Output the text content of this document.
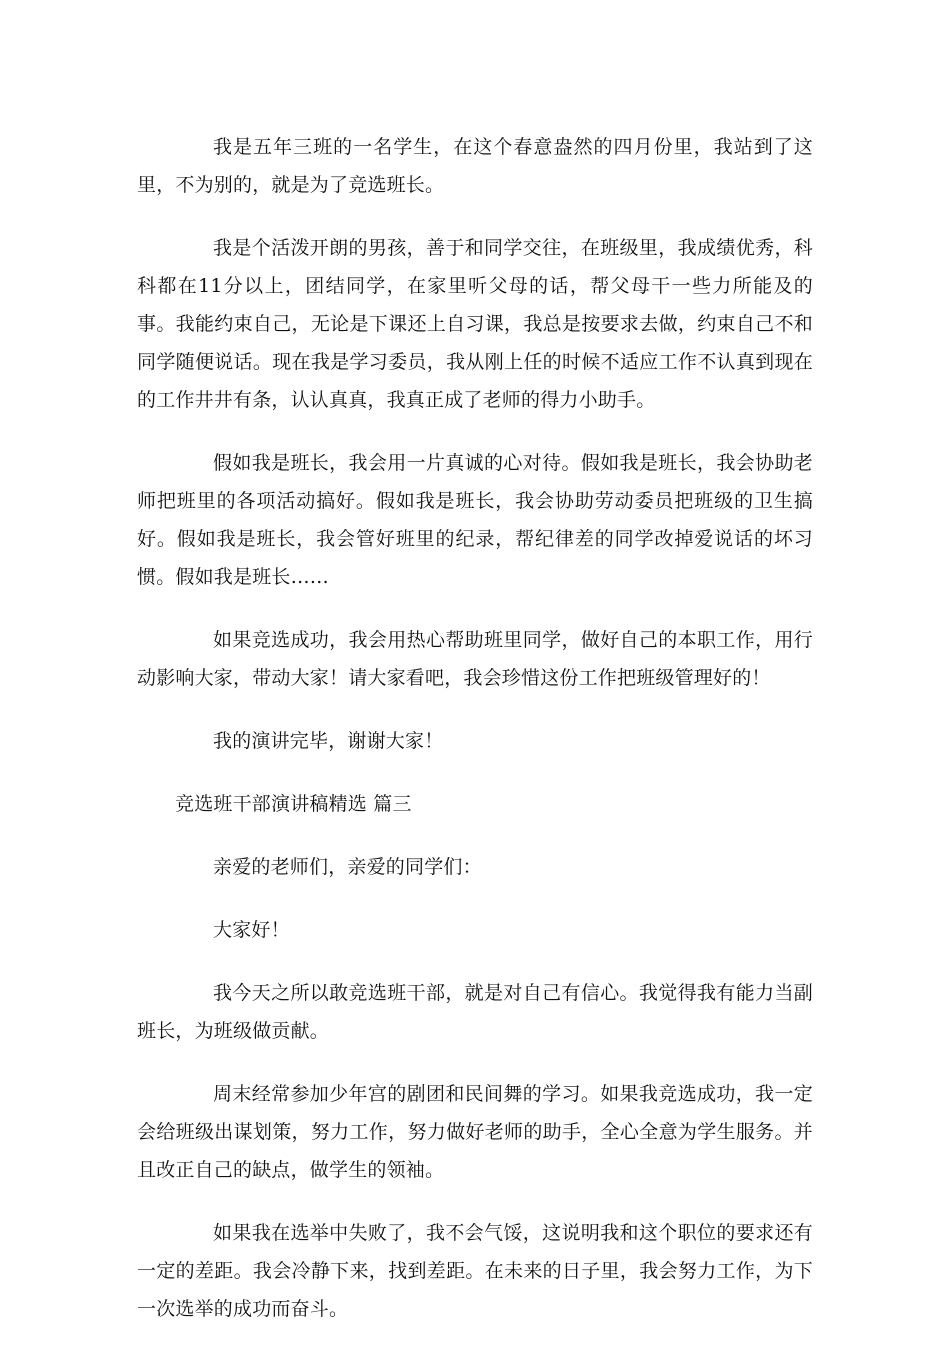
我是五年三班的一名学生，在这个春意盎然的四月份里，我站到了这里，不为别的，就是为了竞选班长。

我是个活泼开朗的男孩，善于和同学交往，在班级里，我成绩优秀，科科都在11分以上，团结同学，在家里听父母的话，帮父母干一些力所能及的事。我能约束自己，无论是下课还上自习课，我总是按要求去做，约束自己不和同学随便说话。现在我是学习委员，我从刚上任的时候不适应工作不认真到现在的工作井井有条，认认真真，我真正成了老师的得力小助手。

假如我是班长，我会用一片真诚的心对待。假如我是班长，我会协助老师把班里的各项活动搞好。假如我是班长，我会协助劳动委员把班级的卫生搞好。假如我是班长，我会管好班里的纪录，帮纪律差的同学改掉爱说话的坏习惯。假如我是班长……

如果竞选成功，我会用热心帮助班里同学，做好自己的本职工作，用行动影响大家，带动大家！请大家看吧，我会珍惜这份工作把班级管理好的！

我的演讲完毕，谢谢大家！

竞选班干部演讲稿精选 篇三

亲爱的老师们，亲爱的同学们：

大家好！

我今天之所以敢竞选班干部，就是对自己有信心。我觉得我有能力当副班长，为班级做贡献。

周末经常参加少年宫的剧团和民间舞的学习。如果我竞选成功，我一定会给班级出谋划策，努力工作，努力做好老师的助手，全心全意为学生服务。并且改正自己的缺点，做学生的领袖。

如果我在选举中失败了，我不会气馁，这说明我和这个职位的要求还有一定的差距。我会冷静下来，找到差距。在未来的日子里，我会努力工作，为下一次选举的成功而奋斗。
